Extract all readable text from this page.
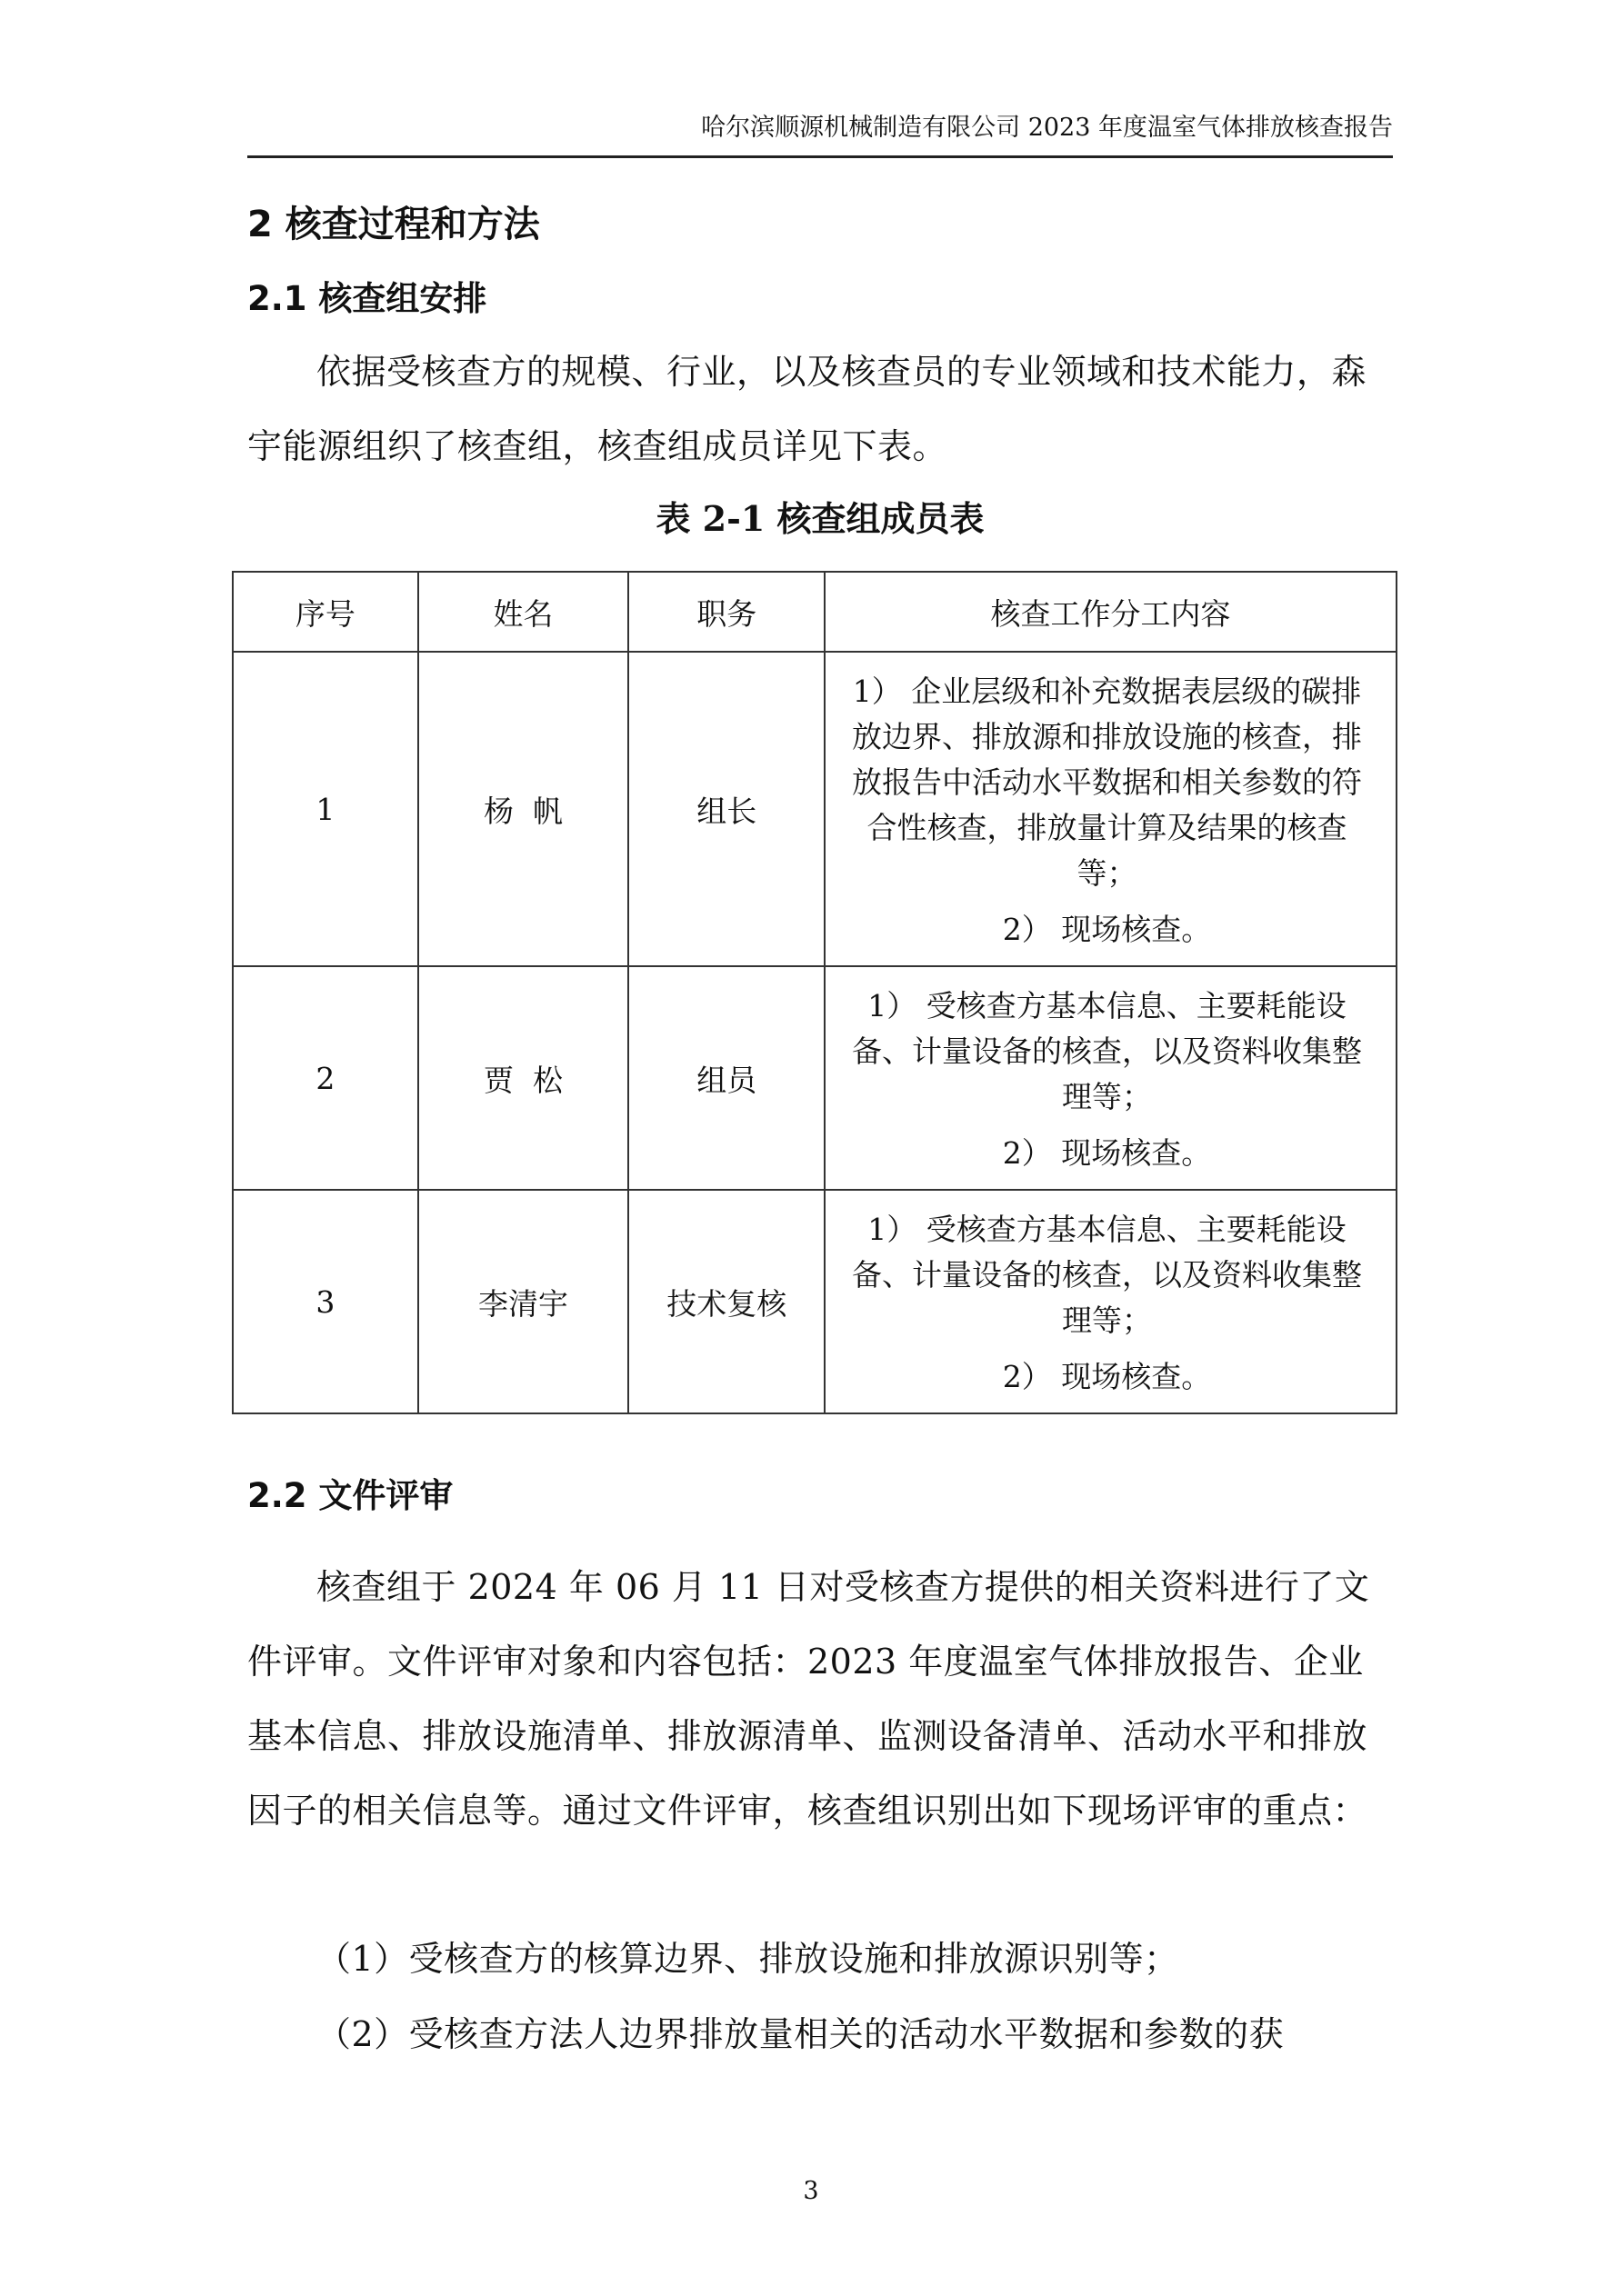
哈尔滨顺源机械制造有限公司 2023 年度温室气体排放核查报告
2 核查过程和方法
2.1 核查组安排
依据受核查方的规模、行业，以及核查员的专业领域和技术能力，森宇能源组织了核查组，核查组成员详见下表。
表 2-1 核查组成员表
序号	姓名	职务	核查工作分工内容
1	杨  帆	组长	1） 企业层级和补充数据表层级的碳排放边界、排放源和排放设施的核查，排放报告中活动水平数据和相关参数的符合性核查，排放量计算及结果的核查等；
2） 现场核查。

2	贾  松	组员	1） 受核查方基本信息、主要耗能设备、计量设备的核查，以及资料收集整理等；
2） 现场核查。

3	李清宇	技术复核	1） 受核查方基本信息、主要耗能设备、计量设备的核查，以及资料收集整理等；
2） 现场核查。
2.2 文件评审
核查组于 2024 年 06 月 11 日对受核查方提供的相关资料进行了文件评审。文件评审对象和内容包括：2023 年度温室气体排放报告、企业基本信息、排放设施清单、排放源清单、监测设备清单、活动水平和排放因子的相关信息等。通过文件评审，核查组识别出如下现场评审的重点：
（1）受核查方的核算边界、排放设施和排放源识别等；
（2）受核查方法人边界排放量相关的活动水平数据和参数的获
3
